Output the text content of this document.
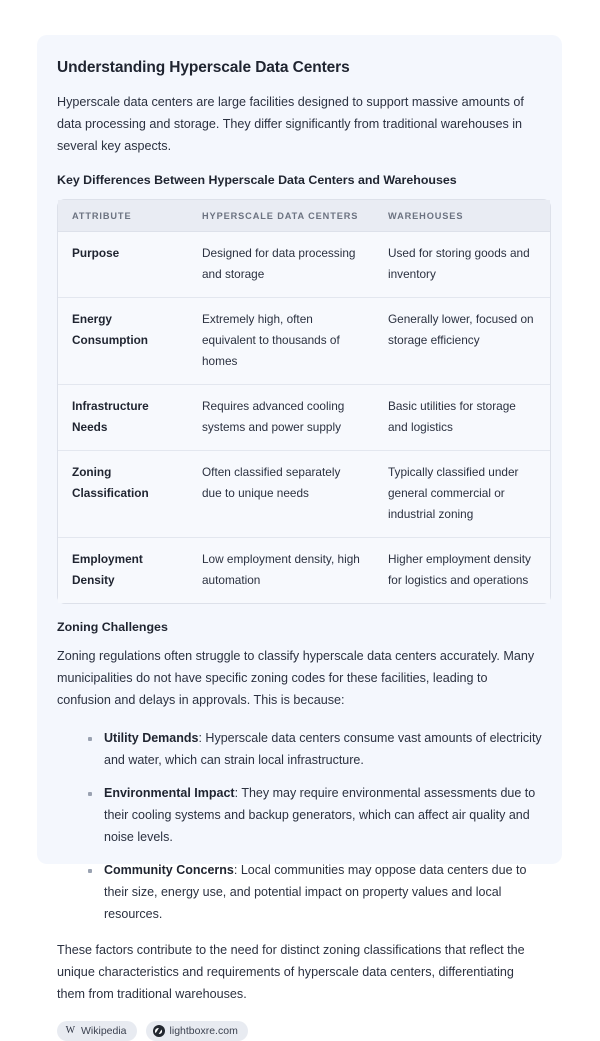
Understanding Hyperscale Data Centers

Hyperscale data centers are large facilities designed to support massive amounts of data processing and storage. They differ significantly from traditional warehouses in several key aspects.

Key Differences Between Hyperscale Data Centers and Warehouses
ATTRIBUTE	HYPERSCALE DATA CENTERS	WAREHOUSES
Purpose	Designed for data processing and storage	Used for storing goods and inventory
Energy Consumption	Extremely high, often equivalent to thousands of homes	Generally lower, focused on storage efficiency
Infrastructure Needs	Requires advanced cooling systems and power supply	Basic utilities for storage and logistics
Zoning Classification	Often classified separately due to unique needs	Typically classified under general commercial or industrial zoning
Employment Density	Low employment density, high automation	Higher employment density for logistics and operations
Zoning Challenges

Zoning regulations often struggle to classify hyperscale data centers accurately. Many municipalities do not have specific zoning codes for these facilities, leading to confusion and delays in approvals. This is because:

Utility Demands: Hyperscale data centers consume vast amounts of electricity and water, which can strain local infrastructure.
Environmental Impact: They may require environmental assessments due to their cooling systems and backup generators, which can affect air quality and noise levels.
Community Concerns: Local communities may oppose data centers due to their size, energy use, and potential impact on property values and local resources.

These factors contribute to the need for distinct zoning classifications that reflect the unique characteristics and requirements of hyperscale data centers, differentiating them from traditional warehouses.

W Wikipedia	lightboxre.com
